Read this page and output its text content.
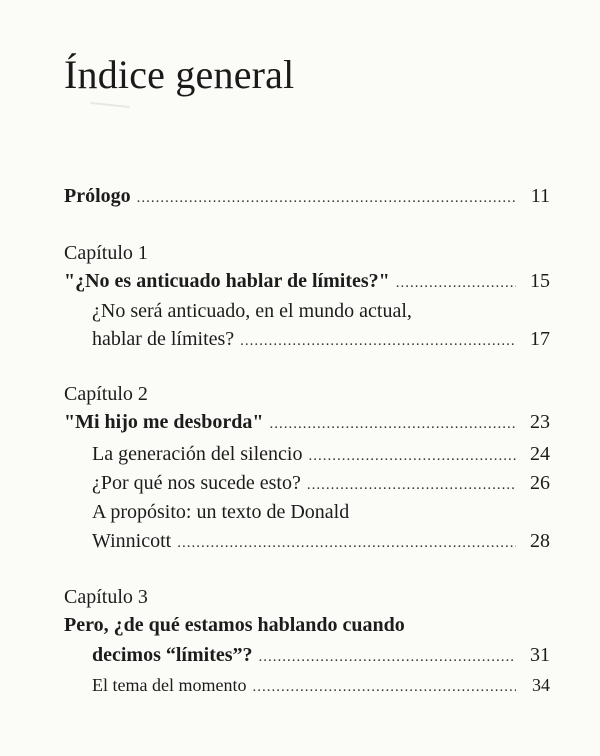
Índice general
Prólogo .....	11
Capítulo 1
"¿No es anticuado hablar de límites?" .....	15
¿No será anticuado, en el mundo actual,
hablar de límites? .....	17
Capítulo 2
"Mi hijo me desborda" .....	23
La generación del silencio .....	24
¿Por qué nos sucede esto? .....	26
A propósito: un texto de Donald
Winnicott .....	28
Capítulo 3
Pero, ¿de qué estamos hablando cuando
decimos “límites”? .....	31
El tema del momento .....	34
